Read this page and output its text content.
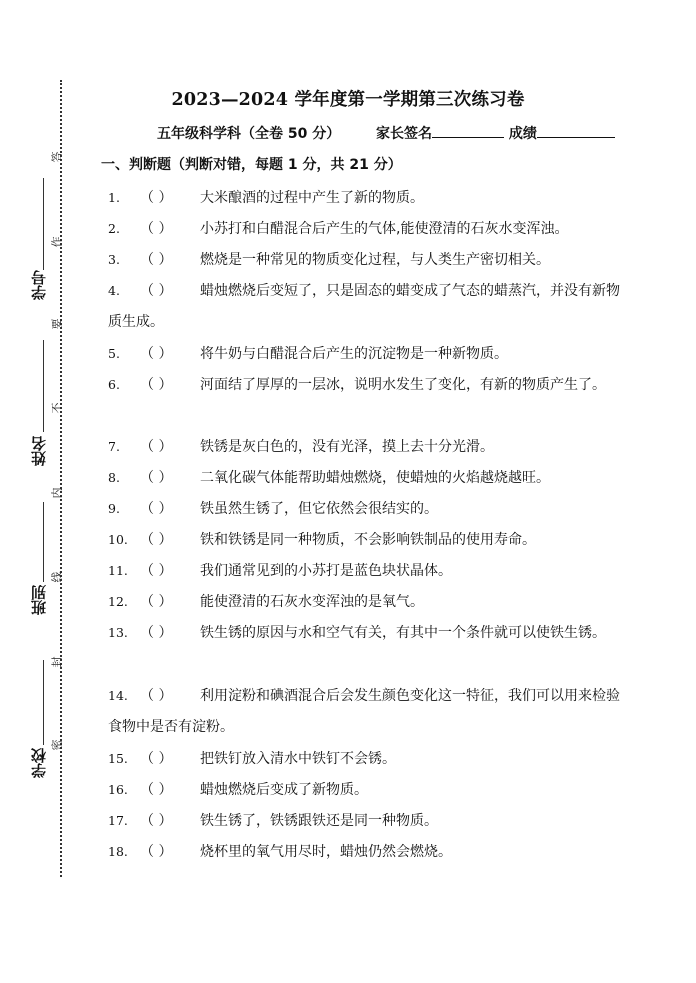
学号
姓名
班别
学校
答
作
要
不
内
线
封
密
2023—2024 学年度第一学期第三次练习卷
五年级科学科（全卷 50 分）	家长签名	成绩
一、判断题（判断对错，每题 1 分，共 21 分）
1. （ ） 大米酿酒的过程中产生了新的物质。
2. （ ） 小苏打和白醋混合后产生的气体,能使澄清的石灰水变浑浊。
3. （ ） 燃烧是一种常见的物质变化过程，与人类生产密切相关。
4. （ ） 蜡烛燃烧后变短了，只是固态的蜡变成了气态的蜡蒸汽，并没有新物质生成。
5. （ ） 将牛奶与白醋混合后产生的沉淀物是一种新物质。
6. （ ） 河面结了厚厚的一层冰，说明水发生了变化，有新的物质产生了。
7. （ ） 铁锈是灰白色的，没有光泽，摸上去十分光滑。
8. （ ） 二氧化碳气体能帮助蜡烛燃烧，使蜡烛的火焰越烧越旺。
9. （ ） 铁虽然生锈了，但它依然会很结实的。
10. （ ） 铁和铁锈是同一种物质，不会影响铁制品的使用寿命。
11. （ ） 我们通常见到的小苏打是蓝色块状晶体。
12. （ ） 能使澄清的石灰水变浑浊的是氧气。
13. （ ） 铁生锈的原因与水和空气有关，有其中一个条件就可以使铁生锈。
14. （ ） 利用淀粉和碘酒混合后会发生颜色变化这一特征，我们可以用来检验食物中是否有淀粉。
15. （ ） 把铁钉放入清水中铁钉不会锈。
16. （ ） 蜡烛燃烧后变成了新物质。
17. （ ） 铁生锈了，铁锈跟铁还是同一种物质。
18. （ ） 烧杯里的氧气用尽时，蜡烛仍然会燃烧。
